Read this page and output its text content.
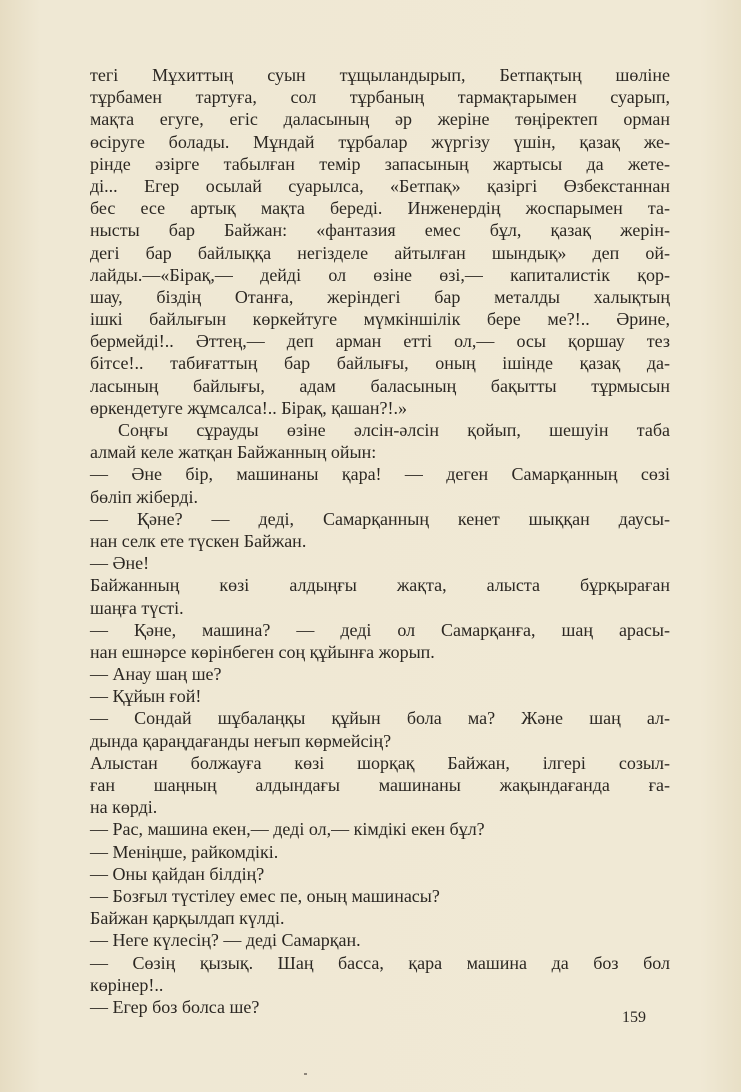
тегі Мұхиттың суын тұщыландырып, Бетпақтың шөліне
тұрбамен тартуға, сол тұрбаның тармақтарымен суарып,
мақта егуге, егіс даласының әр жеріне төңіректеп орман
өсіруге болады. Мұндай тұрбалар жүргізу үшін, қазақ же-
рінде әзірге табылған темір запасының жартысы да жете-
ді... Егер осылай суарылса, «Бетпақ» қазіргі Өзбекстаннан
бес есе артық мақта береді. Инженердің жоспарымен та-
нысты бар Байжан: «фантазия емес бұл, қазақ жерін-
дегі бар байлыққа негізделе айтылған шындық» деп ой-
лайды.—«Бірақ,— дейді ол өзіне өзі,— капиталистік қор-
шау, біздің Отанға, жеріндегі бар металды халықтың
ішкі байлығын көркейтуге мүмкіншілік бере ме?!.. Әрине,
бермейді!.. Әттең,— деп арман етті ол,— осы қоршау тез
бітсе!.. табиғаттың бар байлығы, оның ішінде қазақ да-
ласының байлығы, адам баласының бақытты тұрмысын
өркендетуге жұмсалса!.. Бірақ, қашан?!.»
Соңғы сұрауды өзіне әлсін-әлсін қойып, шешуін таба
алмай келе жатқан Байжанның ойын:
— Әне бір, машинаны қара! — деген Самарқанның сөзі
бөліп жіберді.
— Қәне? — деді, Самарқанның кенет шыққан даусы-
нан селк ете түскен Байжан.
— Әне!
Байжанның көзі алдыңғы жақта, алыста бұрқыраған
шаңға түсті.
— Қәне, машина? — деді ол Самарқанға, шаң арасы-
нан ешнәрсе көрінбеген соң құйынға жорып.
— Анау шаң ше?
— Құйын ғой!
— Сондай шұбалаңқы құйын бола ма? Және шаң ал-
дында қараңдағанды неғып көрмейсің?
Алыстан болжауға көзі шорқақ Байжан, ілгері созыл-
ған шаңның алдындағы машинаны жақындағанда ға-
на көрді.
— Рас, машина екен,— деді ол,— кімдікі екен бұл?
— Меніңше, райкомдікі.
— Оны қайдан білдің?
— Бозғыл түстілеу емес пе, оның машинасы?
Байжан қарқылдап күлді.
— Неге күлесің? — деді Самарқан.
— Сөзің қызық. Шаң басса, қара машина да боз бол
көрінер!..
— Егер боз болса ше?
159
